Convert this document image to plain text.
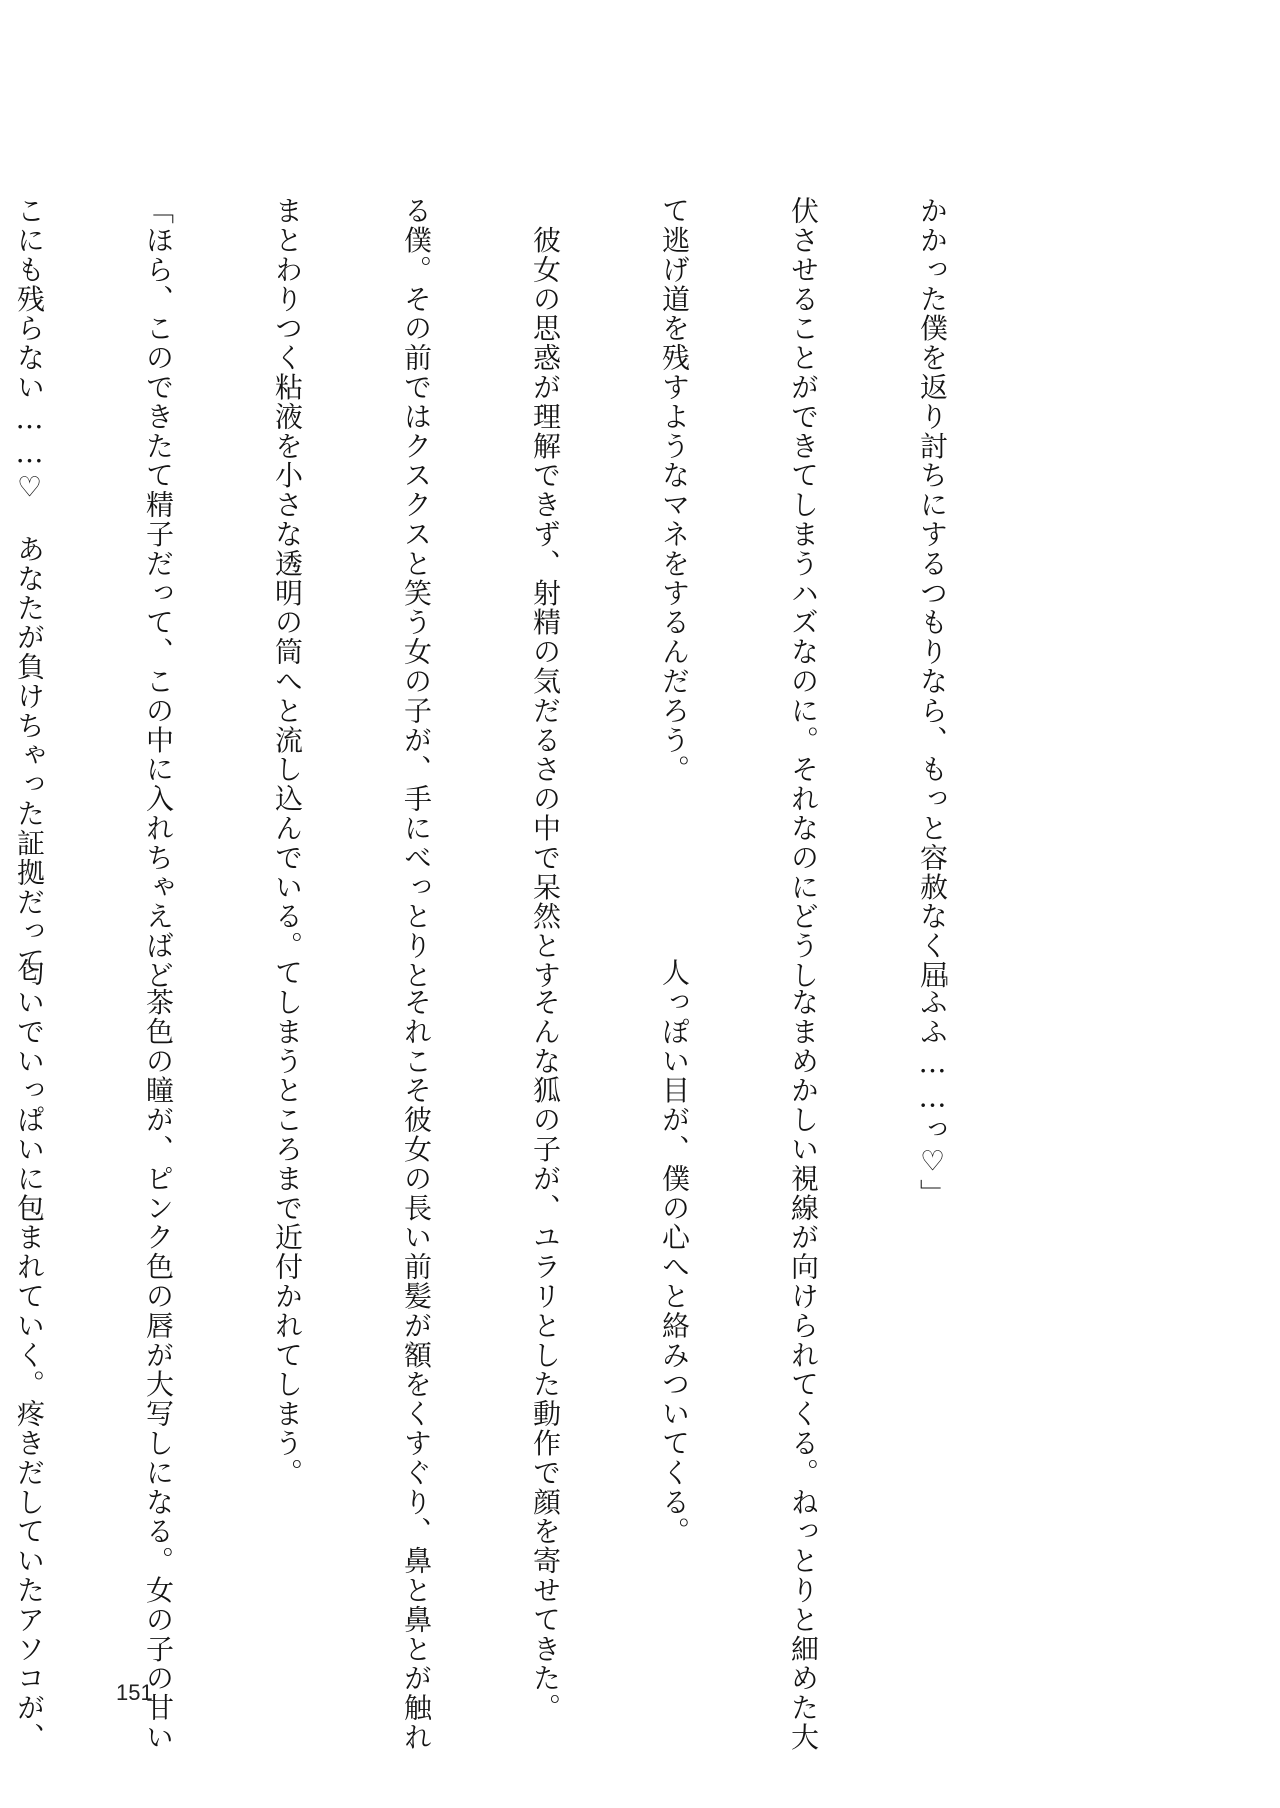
かかった僕を返り討ちにするつもりなら、もっと容赦なく屈

伏させることができてしまうハズなのに。それなのにどうし

て逃げ道を残すようなマネをするんだろう。

　彼女の思惑が理解できず、射精の気だるさの中で呆然とす

る僕。その前ではクスクスと笑う女の子が、手にべっとりと

まとわりつく粘液を小さな透明の筒へと流し込んでいる。

「ほら、このできたて精子だって、この中に入れちゃえばど

こにも残らない……♡　あなたが負けちゃった証拠だって

「ふふ……っ♡」

　なまめかしい視線が向けられてくる。ねっとりと細めた大

人っぽい目が、僕の心へと絡みついてくる。

　そんな狐の子が、ユラリとした動作で顔を寄せてきた。

　それこそ彼女の長い前髪が額をくすぐり、鼻と鼻とが触れ

てしまうところまで近付かれてしまう。

　茶色の瞳が、ピンク色の唇が大写しになる。女の子の甘い

匂いでいっぱいに包まれていく。疼きだしていたアソコが、

	151
